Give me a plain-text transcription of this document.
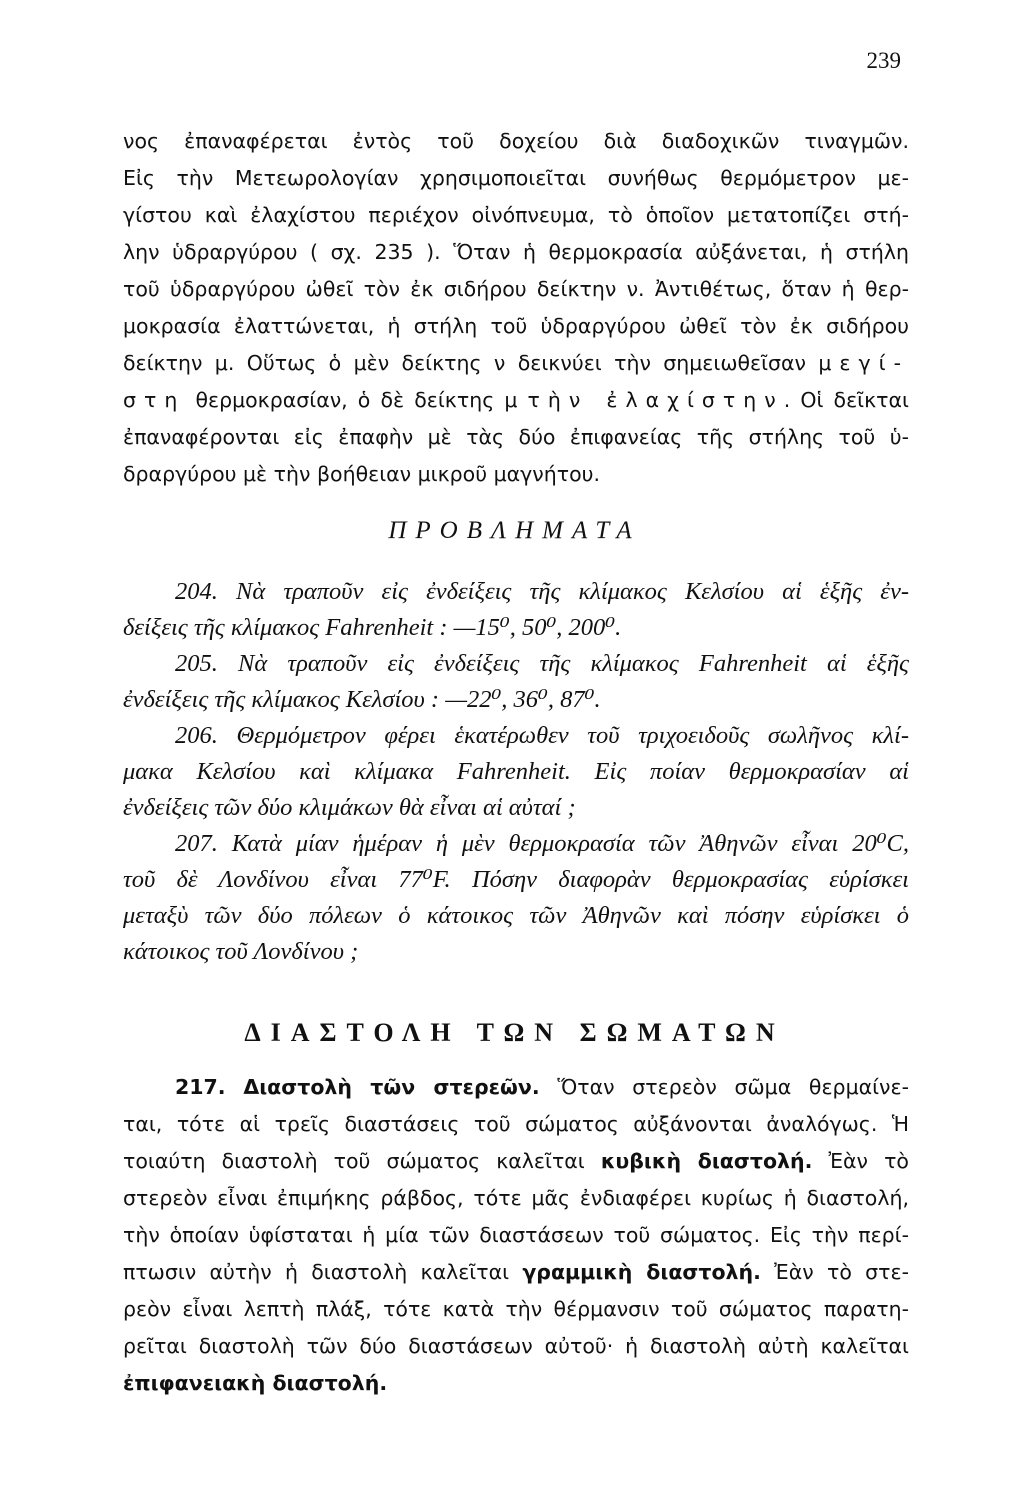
239
νος ἐπαναφέρεται ἐντὸς τοῦ δοχείου διὰ διαδοχικῶν τιναγμῶν.
Εἰς τὴν Μετεωρολογίαν χρησιμοποιεῖται συνήθως θερμόμετρον με-
γίστου καὶ ἐλαχίστου περιέχον οἰνόπνευμα, τὸ ὁποῖον μετατοπίζει στή-
λην ὑδραργύρου ( σχ. 235 ). Ὅταν ἡ θερμοκρασία αὐξάνεται, ἡ στήλη
τοῦ ὑδραργύρου ὠθεῖ τὸν ἐκ σιδήρου δείκτην ν. Ἀντιθέτως, ὅταν ἡ θερ-
μοκρασία ἐλαττώνεται, ἡ στήλη τοῦ ὑδραργύρου ὠθεῖ τὸν ἐκ σιδήρου
δείκτην μ. Οὕτως ὁ μὲν δείκτης ν δεικνύει τὴν σημειωθεῖσαν μεγί-
στη θερμοκρασίαν, ὁ δὲ δείκτης μ τὴν ἐλαχίστην. Οἱ δεῖκται
ἐπαναφέρονται εἰς ἐπαφὴν μὲ τὰς δύο ἐπιφανείας τῆς στήλης τοῦ ὑ-
δραργύρου μὲ τὴν βοήθειαν μικροῦ μαγνήτου.
ΠΡΟΒΛΗΜΑΤΑ
204. Νὰ τραποῦν εἰς ἐνδείξεις τῆς κλίμακος Κελσίου αἱ ἑξῆς ἐν-
δείξεις τῆς κλίμακος Fahrenheit : —15⁰, 50⁰, 200⁰.
205. Νὰ τραποῦν εἰς ἐνδείξεις τῆς κλίμακος Fahrenheit αἱ ἑξῆς
ἐνδείξεις τῆς κλίμακος Κελσίου : —22⁰, 36⁰, 87⁰.
206. Θερμόμετρον φέρει ἑκατέρωθεν τοῦ τριχοειδοῦς σωλῆνος κλί-
μακα Κελσίου καὶ κλίμακα Fahrenheit. Εἰς ποίαν θερμοκρασίαν αἱ
ἐνδείξεις τῶν δύο κλιμάκων θὰ εἶναι αἱ αὐταί ;
207. Κατὰ μίαν ἡμέραν ἡ μὲν θερμοκρασία τῶν Ἀθηνῶν εἶναι 20⁰C,
τοῦ δὲ Λονδίνου εἶναι 77⁰F. Πόσην διαφορὰν θερμοκρασίας εὑρίσκει
μεταξὺ τῶν δύο πόλεων ὁ κάτοικος τῶν Ἀθηνῶν καὶ πόσην εὑρίσκει ὁ
κάτοικος τοῦ Λονδίνου ;
ΔΙΑΣΤΟΛΗ ΤΩΝ ΣΩΜΑΤΩΝ
217. Διαστολὴ τῶν στερεῶν. Ὅταν στερεὸν σῶμα θερμαίνε-
ται, τότε αἱ τρεῖς διαστάσεις τοῦ σώματος αὐξάνονται ἀναλόγως. Ἡ
τοιαύτη διαστολὴ τοῦ σώματος καλεῖται κυβικὴ διαστολή. Ἐὰν τὸ
στερεὸν εἶναι ἐπιμήκης ράβδος, τότε μᾶς ἐνδιαφέρει κυρίως ἡ διαστολή,
τὴν ὁποίαν ὑφίσταται ἡ μία τῶν διαστάσεων τοῦ σώματος. Εἰς τὴν περί-
πτωσιν αὐτὴν ἡ διαστολὴ καλεῖται γραμμικὴ διαστολή. Ἐὰν τὸ στε-
ρεὸν εἶναι λεπτὴ πλάξ, τότε κατὰ τὴν θέρμανσιν τοῦ σώματος παρατη-
ρεῖται διαστολὴ τῶν δύο διαστάσεων αὐτοῦ· ἡ διαστολὴ αὐτὴ καλεῖται
ἐπιφανειακὴ διαστολή.
